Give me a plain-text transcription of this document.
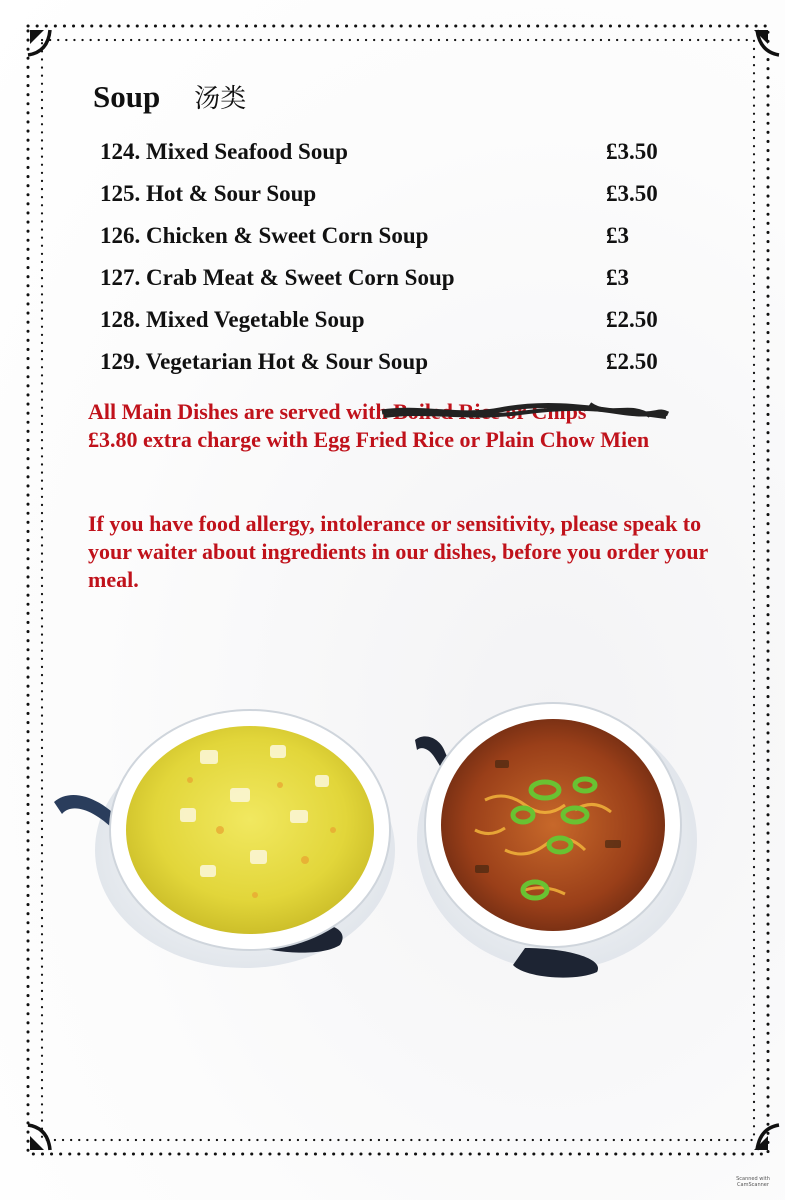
Soup 汤类
124. Mixed Seafood Soup	£3.50
125. Hot & Sour Soup	£3.50
126. Chicken & Sweet Corn Soup	£3
127. Crab Meat & Sweet Corn Soup	£3
128. Mixed Vegetable Soup	£2.50
129. Vegetarian Hot & Sour Soup	£2.50
All Main Dishes are served with Boiled Rice or Chips
£3.80 extra charge with Egg Fried Rice or Plain Chow Mien
If you have food allergy, intolerance or sensitivity, please speak to your waiter about ingredients in our dishes, before you order your meal.
Scanned with
CamScanner
